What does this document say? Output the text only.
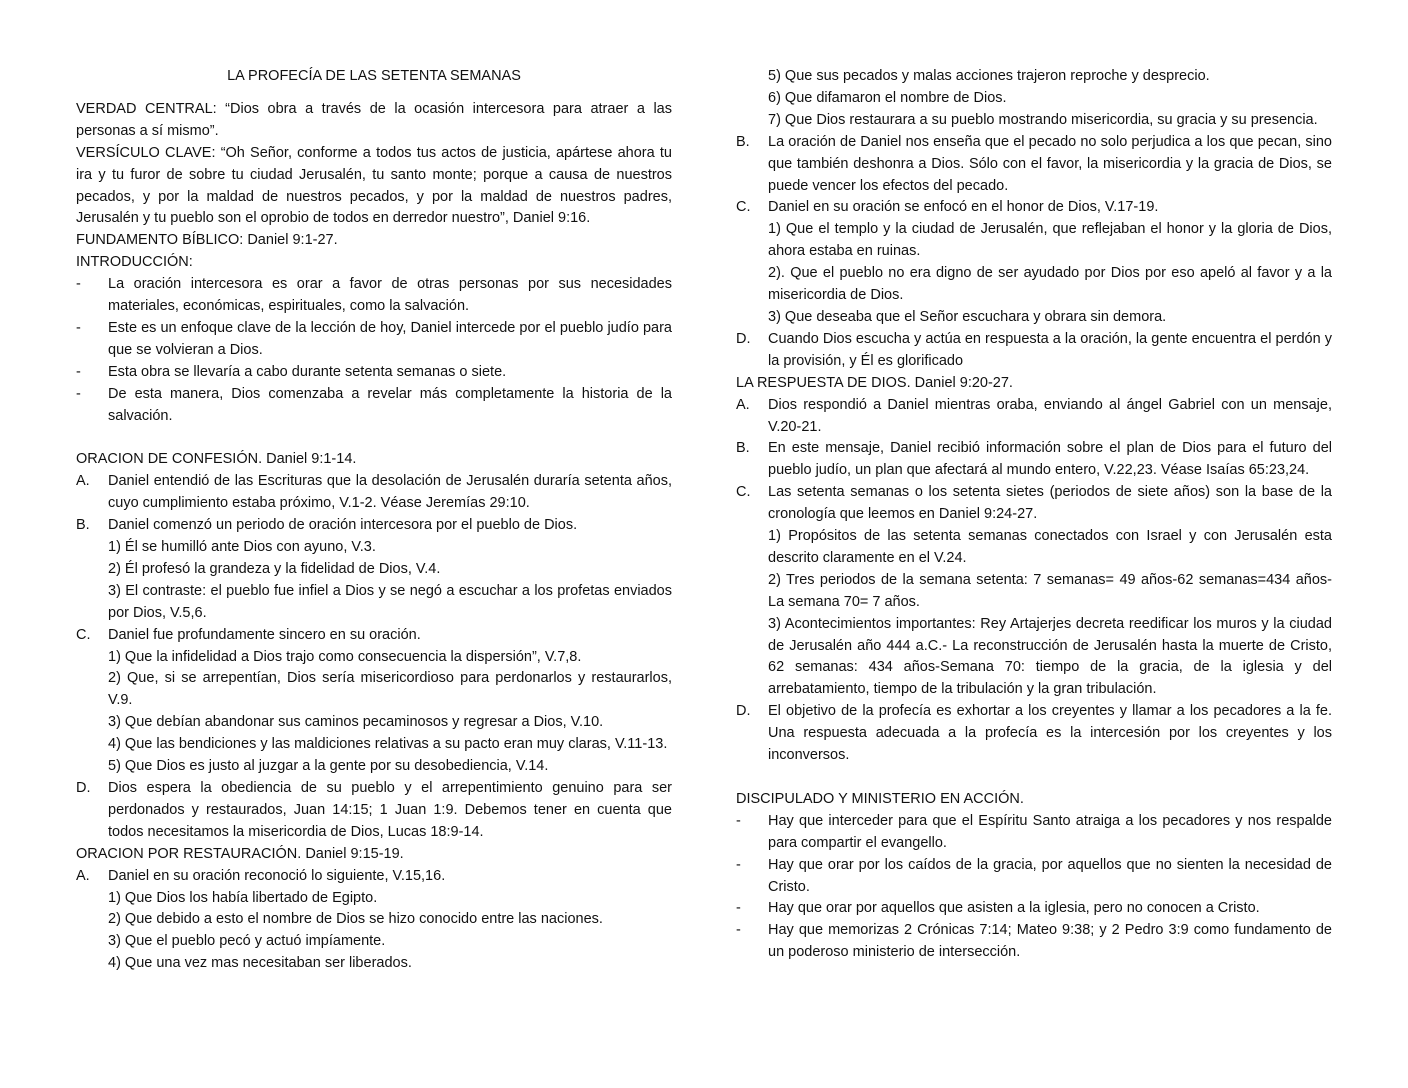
LA PROFECÍA DE LAS SETENTA SEMANAS

VERDAD CENTRAL: “Dios obra a través de la ocasión intercesora para atraer a las personas a sí mismo”.

VERSÍCULO CLAVE: “Oh Señor, conforme a todos tus actos de justicia, apártese ahora tu ira y tu furor de sobre tu ciudad Jerusalén, tu santo monte; porque a causa de nuestros pecados, y por la maldad de nuestros pecados, y por la maldad de nuestros padres, Jerusalén y tu pueblo son el oprobio de todos en derredor nuestro”, Daniel 9:16.

FUNDAMENTO BÍBLICO: Daniel 9:1-27.

INTRODUCCIÓN:

- La oración intercesora es orar a favor de otras personas por sus necesidades materiales, económicas, espirituales, como la salvación.
- Este es un enfoque clave de la lección de hoy, Daniel intercede por el pueblo judío para que se volvieran a Dios.
- Esta obra se llevaría a cabo durante setenta semanas o siete.
- De esta manera, Dios comenzaba a revelar más completamente la historia de la salvación.

ORACION DE CONFESIÓN. Daniel 9:1-14.

A. Daniel entendió de las Escrituras que la desolación de Jerusalén duraría setenta años, cuyo cumplimiento estaba próximo, V.1-2. Véase Jeremías 29:10.
B. Daniel comenzó un periodo de oración intercesora por el pueblo de Dios.

1) Él se humilló ante Dios con ayuno, V.3.

2) Él profesó la grandeza y la fidelidad de Dios, V.4.

3) El contraste: el pueblo fue infiel a Dios y se negó a escuchar a los profetas enviados por Dios, V.5,6.

C. Daniel fue profundamente sincero en su oración.

1) Que la infidelidad a Dios trajo como consecuencia la dispersión”, V.7,8.

2) Que, si se arrepentían, Dios sería misericordioso para perdonarlos y restaurarlos, V.9.

3) Que debían abandonar sus caminos pecaminosos y regresar a Dios, V.10.

4) Que las bendiciones y las maldiciones relativas a su pacto eran muy claras, V.11-13.

5) Que Dios es justo al juzgar a la gente por su desobediencia, V.14.

D. Dios espera la obediencia de su pueblo y el arrepentimiento genuino para ser perdonados y restaurados, Juan 14:15; 1 Juan 1:9. Debemos tener en cuenta que todos necesitamos la misericordia de Dios, Lucas 18:9-14.

ORACION POR RESTAURACIÓN. Daniel 9:15-19.

A. Daniel en su oración reconoció lo siguiente, V.15,16.

1) Que Dios los había libertado de Egipto.

2) Que debido a esto el nombre de Dios se hizo conocido entre las naciones.

3) Que el pueblo pecó y actuó impíamente.

4) Que una vez mas necesitaban ser liberados.

5) Que sus pecados y malas acciones trajeron reproche y desprecio.

6) Que difamaron el nombre de Dios.

7) Que Dios restaurara a su pueblo mostrando misericordia, su gracia y su presencia.

B. La oración de Daniel nos enseña que el pecado no solo perjudica a los que pecan, sino que también deshonra a Dios. Sólo con el favor, la misericordia y la gracia de Dios, se puede vencer los efectos del pecado.
C. Daniel en su oración se enfocó en el honor de Dios, V.17-19.

1) Que el templo y la ciudad de Jerusalén, que reflejaban el honor y la gloria de Dios, ahora estaba en ruinas.

2). Que el pueblo no era digno de ser ayudado por Dios por eso apeló al favor y a la misericordia de Dios.

3) Que deseaba que el Señor escuchara y obrara sin demora.

D. Cuando Dios escucha y actúa en respuesta a la oración, la gente encuentra el perdón y la provisión, y Él es glorificado

LA RESPUESTA DE DIOS. Daniel 9:20-27.

A. Dios respondió a Daniel mientras oraba, enviando al ángel Gabriel con un mensaje, V.20-21.
B. En este mensaje, Daniel recibió información sobre el plan de Dios para el futuro del pueblo judío, un plan que afectará al mundo entero, V.22,23. Véase Isaías 65:23,24.
C. Las setenta semanas o los setenta sietes (periodos de siete años) son la base de la cronología que leemos en Daniel 9:24-27.

1) Propósitos de las setenta semanas conectados con Israel y con Jerusalén esta descrito claramente en el V.24.

2) Tres periodos de la semana setenta: 7 semanas= 49 años-62 semanas=434 años- La semana 70= 7 años.

3) Acontecimientos importantes: Rey Artajerjes decreta reedificar los muros y la ciudad de Jerusalén año 444 a.C.- La reconstrucción de Jerusalén hasta la muerte de Cristo, 62 semanas: 434 años-Semana 70: tiempo de la gracia, de la iglesia y del arrebatamiento, tiempo de la tribulación y la gran tribulación.

D. El objetivo de la profecía es exhortar a los creyentes y llamar a los pecadores a la fe. Una respuesta adecuada a la profecía es la intercesión por los creyentes y los inconversos.

DISCIPULADO Y MINISTERIO EN ACCIÓN.

- Hay que interceder para que el Espíritu Santo atraiga a los pecadores y nos respalde para compartir el evangello.
- Hay que orar por los caídos de la gracia, por aquellos que no sienten la necesidad de Cristo.
- Hay que orar por aquellos que asisten a la iglesia, pero no conocen a Cristo.
- Hay que memorizas 2 Crónicas 7:14; Mateo 9:38; y 2 Pedro 3:9 como fundamento de un poderoso ministerio de intersección.
